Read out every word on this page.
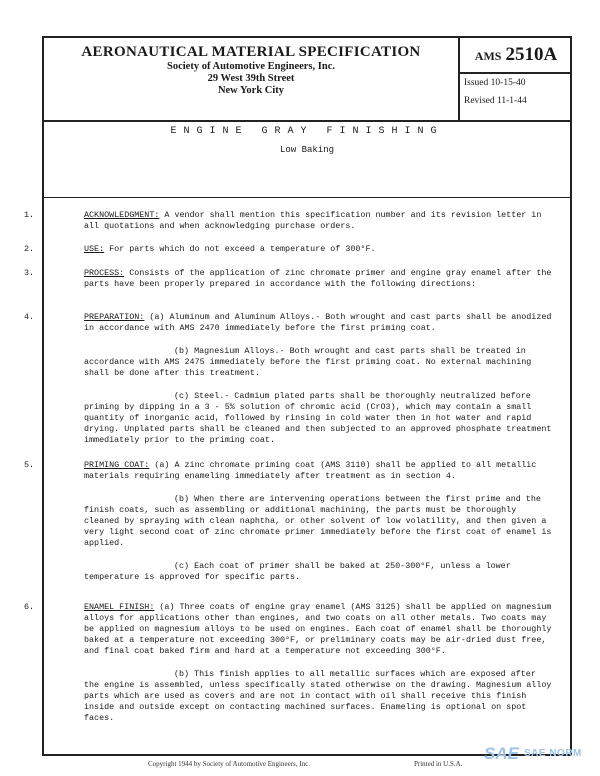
AERONAUTICAL MATERIAL SPECIFICATION
Society of Automotive Engineers, Inc.
29 West 39th Street
New York City
AMS 2510A
Issued 10-15-40
Revised 11-1-44
ENGINE GRAY FINISHING
Low Baking
1.	ACKNOWLEDGMENT: A vendor shall mention this specification number and its revision letter in all quotations and when acknowledging purchase orders.
2.	USE: For parts which do not exceed a temperature of 300°F.
3.	PROCESS: Consists of the application of zinc chromate primer and engine gray enamel after the parts have been properly prepared in accordance with the following directions:
4.	PREPARATION: (a) Aluminum and Aluminum Alloys.- Both wrought and cast parts shall be anodized in accordance with AMS 2470 immediately before the first priming coat.
(b) Magnesium Alloys.- Both wrought and cast parts shall be treated in accordance with AMS 2475 immediately before the first priming coat. No external machining shall be done after this treatment.
(c) Steel.- Cadmium plated parts shall be thoroughly neutralized before priming by dipping in a 3 - 5% solution of chromic acid (CrO3), which may contain a small quantity of inorganic acid, followed by rinsing in cold water then in hot water and rapid drying. Unplated parts shall be cleaned and then subjected to an approved phosphate treatment immediately prior to the priming coat.
5.	PRIMING COAT: (a) A zinc chromate priming coat (AMS 3110) shall be applied to all metallic materials requiring enameling immediately after treatment as in section 4.
(b) When there are intervening operations between the first prime and the finish coats, such as assembling or additional machining, the parts must be thoroughly cleaned by spraying with clean naphtha, or other solvent of low volatility, and then given a very light second coat of zinc chromate primer immediately before the first coat of enamel is applied.
(c) Each coat of primer shall be baked at 250-300°F, unless a lower temperature is approved for specific parts.
6.	ENAMEL FINISH: (a) Three coats of engine gray enamel (AMS 3125) shall be applied on magnesium alloys for applications other than engines, and two coats on all other metals. Two coats may be applied on magnesium alloys to be used on engines. Each coat of enamel shall be thoroughly baked at a temperature not exceeding 300°F, or preliminary coats may be air-dried dust free, and final coat baked firm and hard at a temperature not exceeding 300°F.
(b) This finish applies to all metallic surfaces which are exposed after the engine is assembled, unless specifically stated otherwise on the drawing. Magnesium alloy parts which are used as covers and are not in contact with oil shall receive this finish inside and outside except on contacting machined surfaces. Enameling is optional on spot faces.
Copyright 1944 by Society of Automotive Engineers, Inc.	Printed in U.S.A.
SAE SAE NORM
